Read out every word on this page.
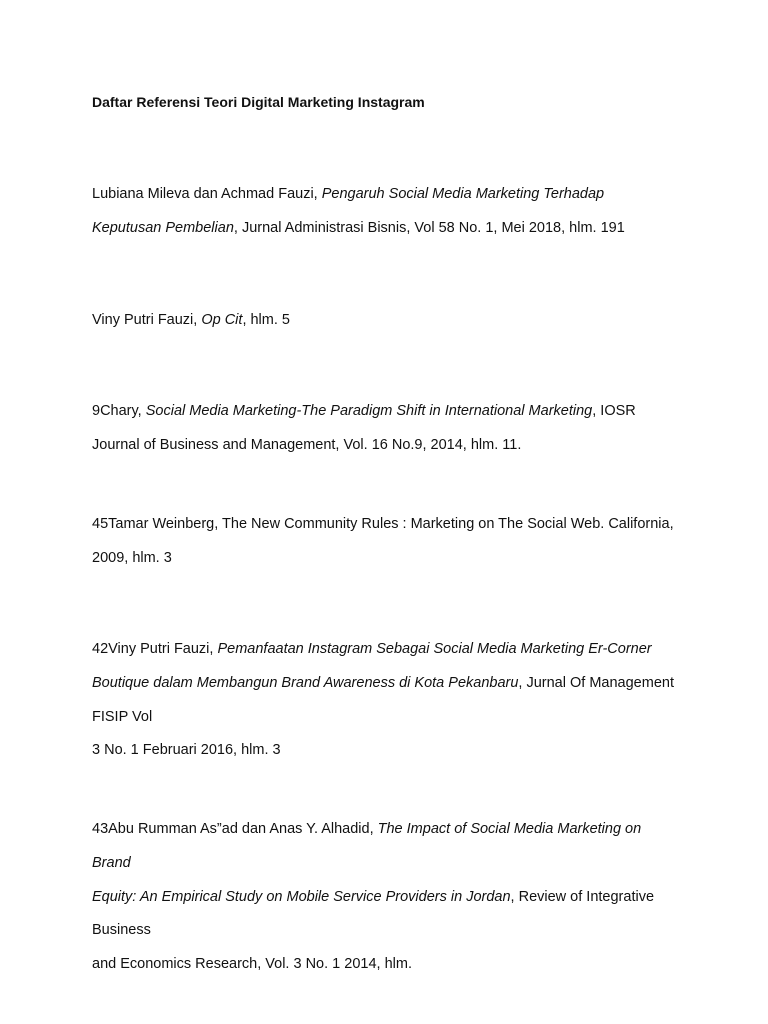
Daftar Referensi Teori Digital Marketing Instagram
Lubiana Mileva dan Achmad Fauzi, Pengaruh Social Media Marketing Terhadap
Keputusan Pembelian, Jurnal Administrasi Bisnis, Vol 58 No. 1, Mei 2018, hlm. 191
Viny Putri Fauzi, Op Cit, hlm. 5
9Chary, Social Media Marketing-The Paradigm Shift in International Marketing, IOSR
Journal of Business and Management, Vol. 16 No.9, 2014, hlm. 11.
45Tamar Weinberg, The New Community Rules : Marketing on The Social Web. California,
2009, hlm. 3
42Viny Putri Fauzi, Pemanfaatan Instagram Sebagai Social Media Marketing Er-Corner
Boutique dalam Membangun Brand Awareness di Kota Pekanbaru, Jurnal Of Management
FISIP Vol
3 No. 1 Februari 2016, hlm. 3
43Abu Rumman As”ad dan Anas Y. Alhadid, The Impact of Social Media Marketing on
Brand
Equity: An Empirical Study on Mobile Service Providers in Jordan, Review of Integrative
Business
and Economics Research, Vol. 3 No. 1 2014, hlm.
